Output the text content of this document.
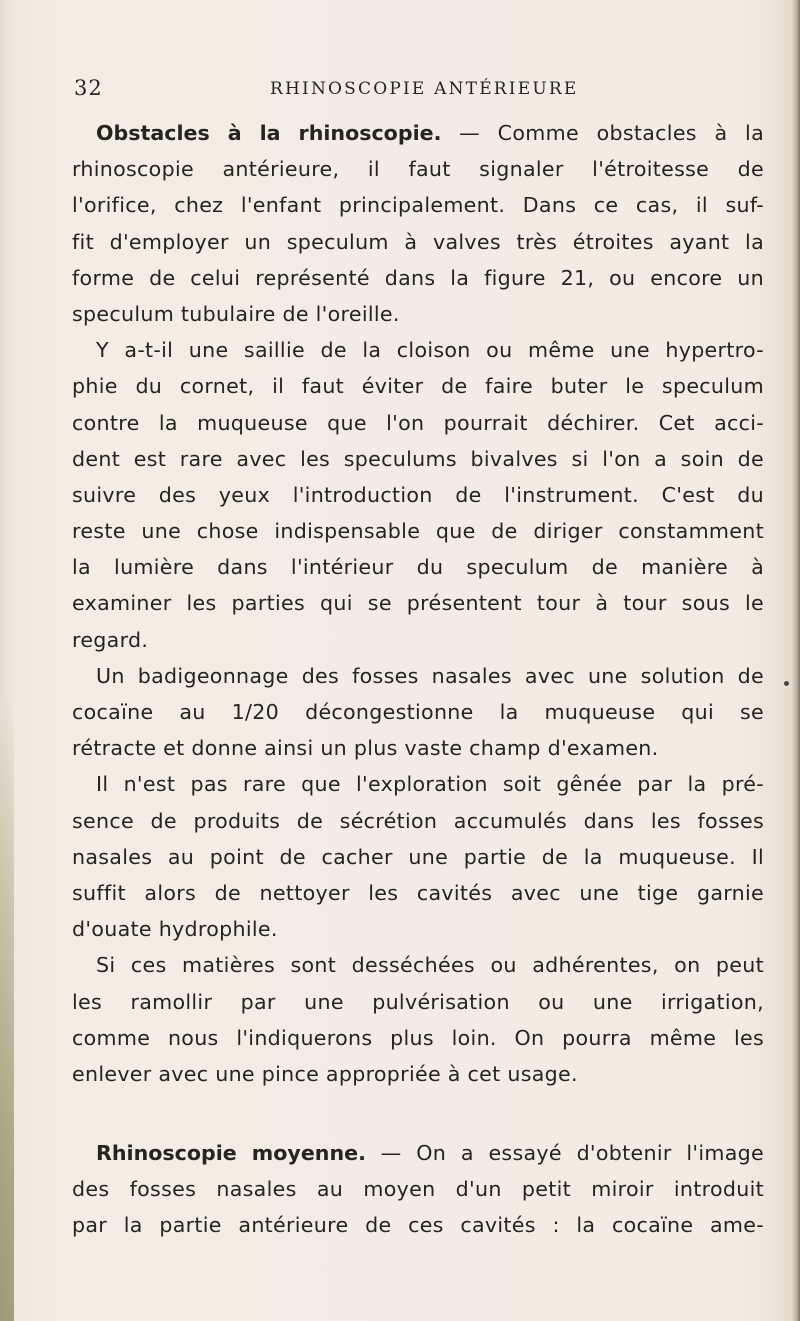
32	RHINOSCOPIE ANTÉRIEURE
Obstacles à la rhinoscopie. — Comme obstacles à la
rhinoscopie antérieure, il faut signaler l'étroitesse de
l'orifice, chez l'enfant principalement. Dans ce cas, il suf-
fit d'employer un speculum à valves très étroites ayant la
forme de celui représenté dans la figure 21, ou encore un
speculum tubulaire de l'oreille.
Y a-t-il une saillie de la cloison ou même une hypertro-
phie du cornet, il faut éviter de faire buter le speculum
contre la muqueuse que l'on pourrait déchirer. Cet acci-
dent est rare avec les speculums bivalves si l'on a soin de
suivre des yeux l'introduction de l'instrument. C'est du
reste une chose indispensable que de diriger constamment
la lumière dans l'intérieur du speculum de manière à
examiner les parties qui se présentent tour à tour sous le
regard.
Un badigeonnage des fosses nasales avec une solution de
cocaïne au 1/20 décongestionne la muqueuse qui se
rétracte et donne ainsi un plus vaste champ d'examen.
Il n'est pas rare que l'exploration soit gênée par la pré-
sence de produits de sécrétion accumulés dans les fosses
nasales au point de cacher une partie de la muqueuse. Il
suffit alors de nettoyer les cavités avec une tige garnie
d'ouate hydrophile.
Si ces matières sont desséchées ou adhérentes, on peut
les ramollir par une pulvérisation ou une irrigation,
comme nous l'indiquerons plus loin. On pourra même les
enlever avec une pince appropriée à cet usage.
Rhinoscopie moyenne. — On a essayé d'obtenir l'image
des fosses nasales au moyen d'un petit miroir introduit
par la partie antérieure de ces cavités : la cocaïne ame-
